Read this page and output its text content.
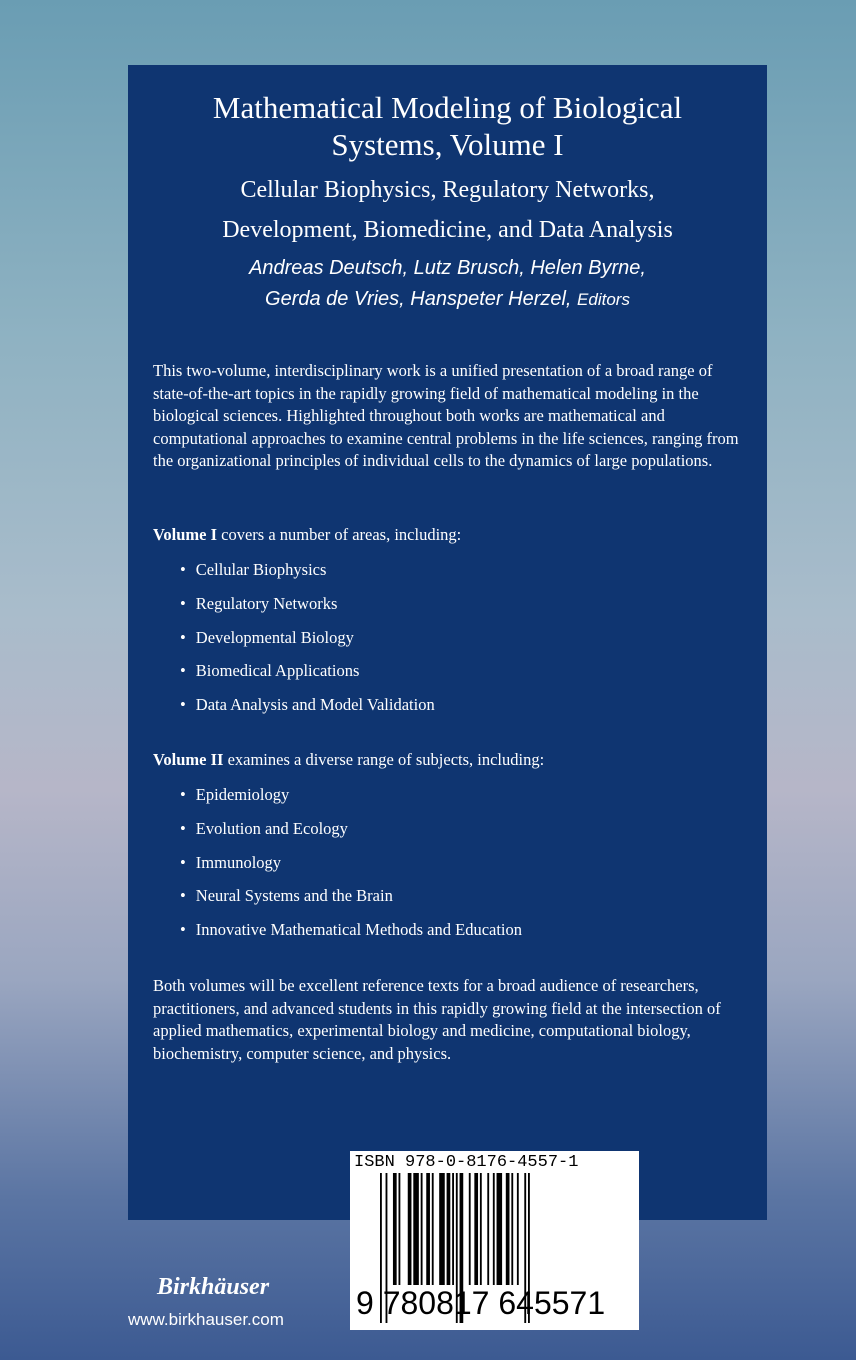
Mathematical Modeling of Biological
Systems, Volume I
Cellular Biophysics, Regulatory Networks,
Development, Biomedicine, and Data Analysis
Andreas Deutsch, Lutz Brusch, Helen Byrne,
Gerda de Vries, Hanspeter Herzel, Editors
This two-volume, interdisciplinary work is a unified presentation of a broad range of state-of-the-art topics in the rapidly growing field of mathematical modeling in the biological sciences. Highlighted throughout both works are mathematical and computational approaches to examine central problems in the life sciences, ranging from the organizational principles of individual cells to the dynamics of large populations.
Volume I covers a number of areas, including:
• Cellular Biophysics
• Regulatory Networks
• Developmental Biology
• Biomedical Applications
• Data Analysis and Model Validation
Volume II examines a diverse range of subjects, including:
• Epidemiology
• Evolution and Ecology
• Immunology
• Neural Systems and the Brain
• Innovative Mathematical Methods and Education
Both volumes will be excellent reference texts for a broad audience of researchers, practitioners, and advanced students in this rapidly growing field at the intersection of applied mathematics, experimental biology and medicine, computational biology, biochemistry, computer science, and physics.
ISBN 978-0-8176-4557-1
9 780817 645571
Birkhäuser
www.birkhauser.com
